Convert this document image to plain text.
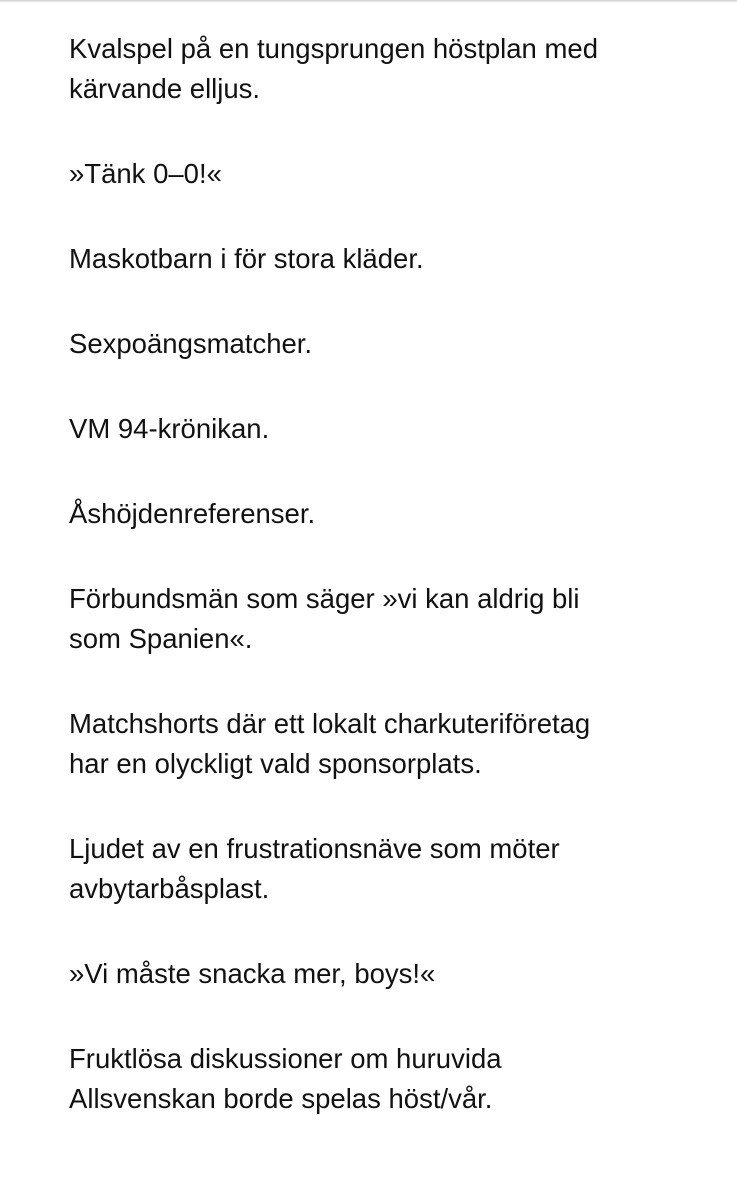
Kvalspel på en tungsprungen höstplan med
kärvande elljus.

»Tänk 0–0!«

Maskotbarn i för stora kläder.

Sexpoängsmatcher.

VM 94-krönikan.

Åshöjdenreferenser.

Förbundsmän som säger »vi kan aldrig bli
som Spanien«.

Matchshorts där ett lokalt charkuteriföretag
har en olyckligt vald sponsorplats.

Ljudet av en frustrationsnäve som möter
avbytarbåsplast.

»Vi måste snacka mer, boys!«

Fruktlösa diskussioner om huruvida
Allsvenskan borde spelas höst/vår.
